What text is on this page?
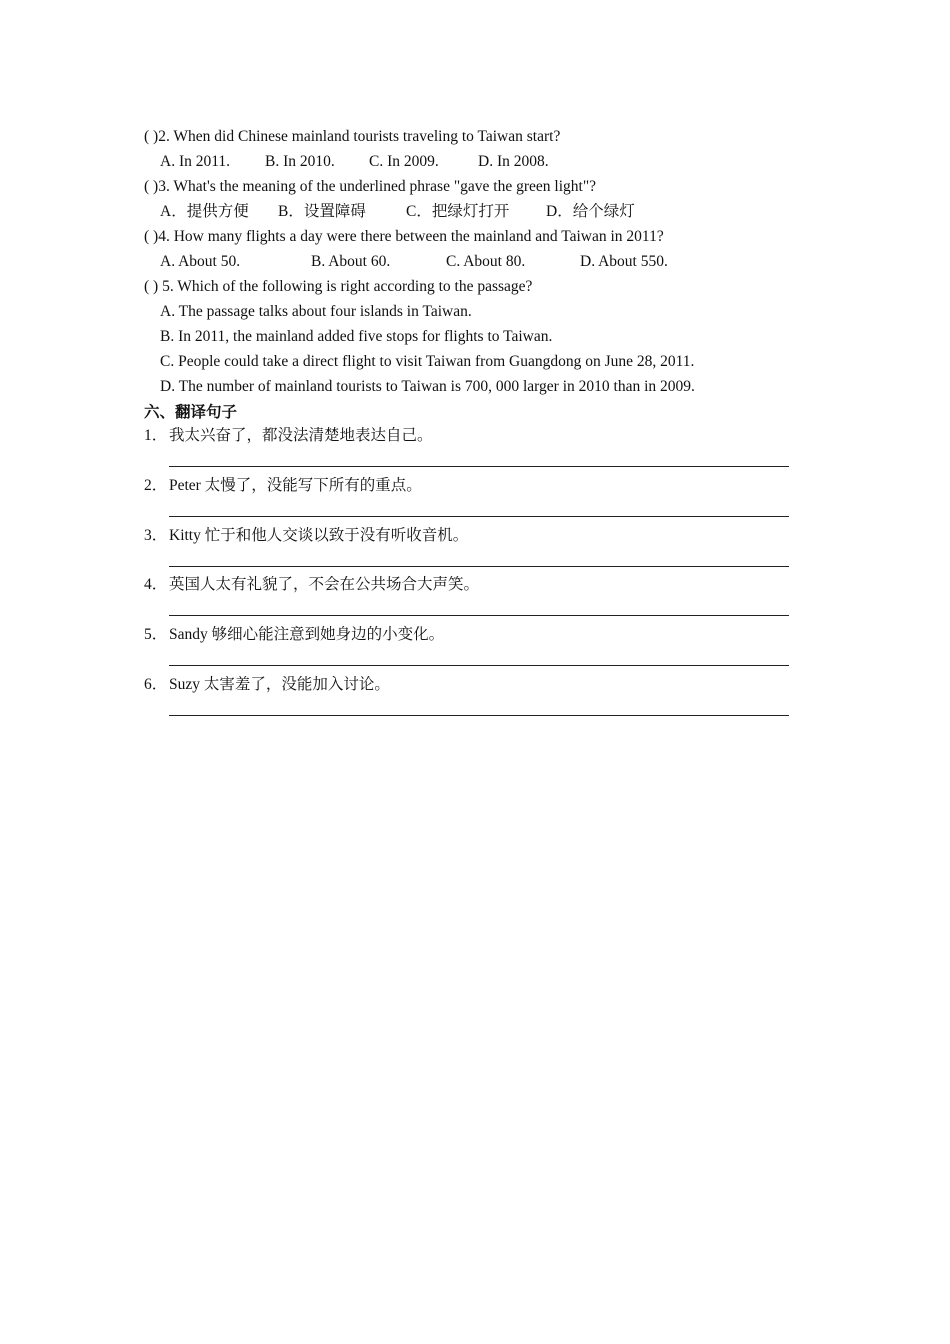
( )2. When did Chinese mainland tourists traveling to Taiwan start?
A. In 2011. B. In 2010. C. In 2009.	D. In 2008.
( )3. What's the meaning of the underlined phrase "gave the green light"?
A．提供方便 B．设置障碍	C．把绿灯打开 D．给个绿灯
( )4. How many flights a day were there between the mainland and Taiwan in 2011?
A. About 50.	B. About 60.	C. About 80.	D. About 550.
( ) 5. Which of the following is right according to the passage?
A. The passage talks about four islands in Taiwan.
B. In 2011, the mainland added five stops for flights to Taiwan.
C. People could take a direct flight to visit Taiwan from Guangdong on June 28, 2011.
D. The number of mainland tourists to Taiwan is 700, 000 larger in 2010 than in 2009.
六、翻译句子
1． 我太兴奋了，都没法清楚地表达自己。
2． Peter 太慢了，没能写下所有的重点。
3． Kitty 忙于和他人交谈以致于没有听收音机。
4． 英国人太有礼貌了，不会在公共场合大声笑。
5． Sandy 够细心能注意到她身边的小变化。
6． Suzy 太害羞了，没能加入讨论。
